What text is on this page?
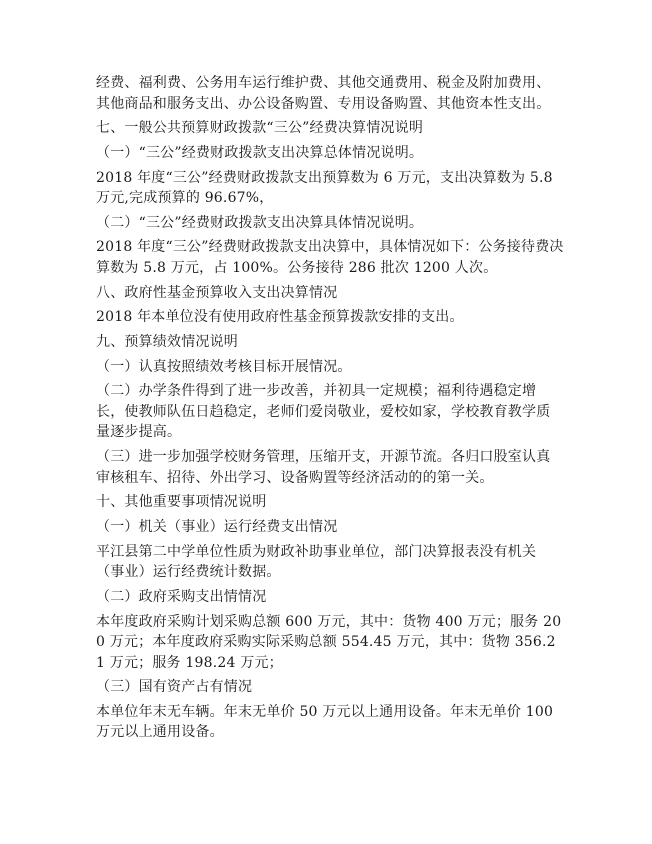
经费、福利费、公务用车运行维护费、其他交通费用、税金及附加费用、其他商品和服务支出、办公设备购置、专用设备购置、其他资本性支出。

七、一般公共预算财政拨款“三公”经费决算情况说明

（一）“三公”经费财政拨款支出决算总体情况说明。

2018 年度“三公”经费财政拨款支出预算数为 6 万元，支出决算数为 5.8 万元,完成预算的 96.67%，

（二）“三公”经费财政拨款支出决算具体情况说明。

2018 年度“三公”经费财政拨款支出决算中，具体情况如下：公务接待费决算数为 5.8 万元，占 100%。公务接待 286 批次 1200 人次。

八、政府性基金预算收入支出决算情况

2018 年本单位没有使用政府性基金预算拨款安排的支出。

九、预算绩效情况说明

（一）认真按照绩效考核目标开展情况。

（二）办学条件得到了进一步改善，并初具一定规模；福利待遇稳定增长，使教师队伍日趋稳定，老师们爱岗敬业，爱校如家，学校教育教学质量逐步提高。

（三）进一步加强学校财务管理，压缩开支，开源节流。各归口股室认真审核租车、招待、外出学习、设备购置等经济活动的的第一关。

十、其他重要事项情况说明

（一）机关（事业）运行经费支出情况

平江县第二中学单位性质为财政补助事业单位，部门决算报表没有机关（事业）运行经费统计数据。

（二）政府采购支出情情况

本年度政府采购计划采购总额 600 万元，其中：货物 400 万元；服务 200 万元；本年度政府采购实际采购总额 554.45 万元，其中：货物 356.21 万元；服务 198.24 万元；

（三）国有资产占有情况

本单位年末无车辆。年末无单价 50 万元以上通用设备。年末无单价 100 万元以上通用设备。
